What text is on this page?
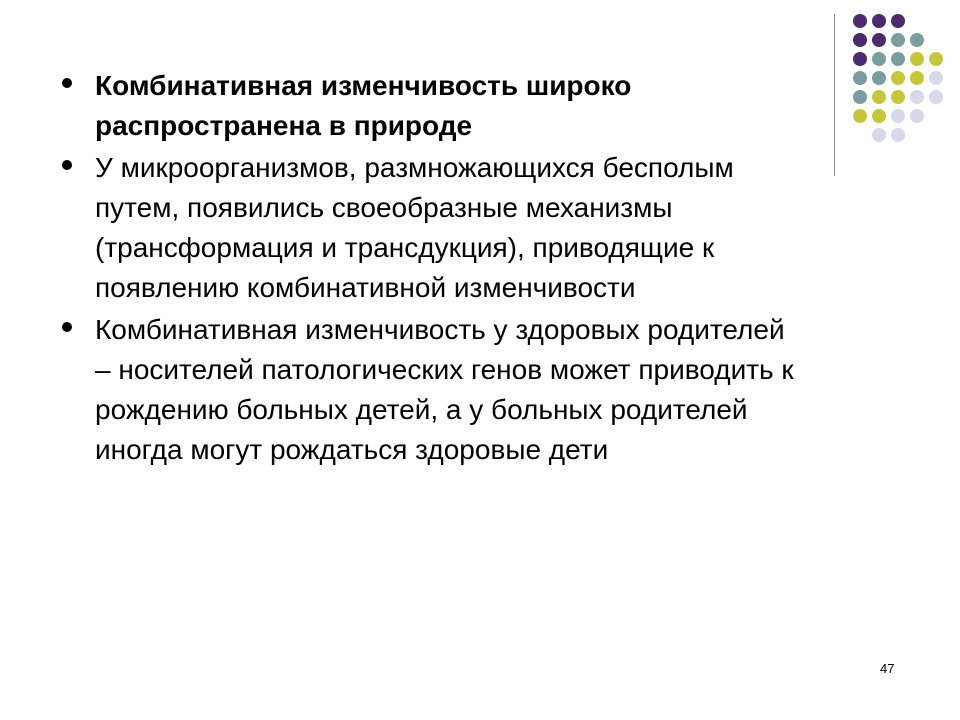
Комбинативная изменчивость широко распространена в природе
У микроорганизмов, размножающихся бесполым путем, появились своеобразные механизмы (трансформация и трансдукция), приводящие к появлению комбинативной изменчивости
Комбинативная изменчивость у здоровых родителей – носителей патологических генов может приводить к рождению больных детей, а у больных родителей иногда могут рождаться здоровые дети
47
